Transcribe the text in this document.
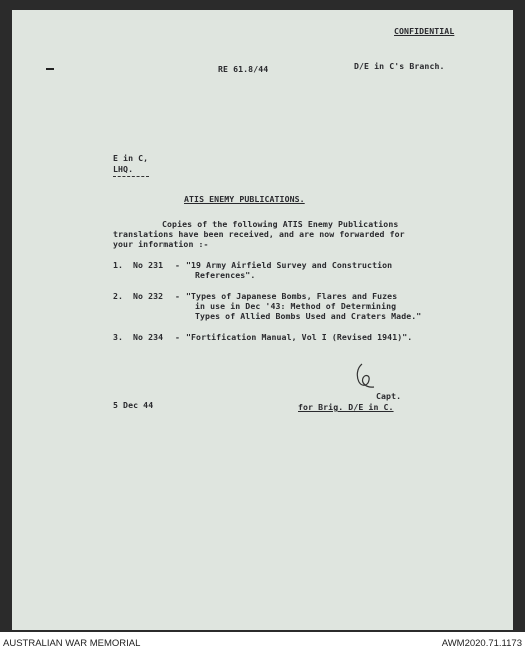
CONFIDENTIAL
RE 61.8/44	D/E in C's Branch.
E in C,
LHQ.
ATIS ENEMY PUBLICATIONS.
Copies of the following ATIS Enemy Publications
translations have been received, and are now forwarded for
your information :-
1. No 231 - "19 Army Airfield Survey and Construction
References".
2. No 232 - "Types of Japanese Bombs, Flares and Fuzes
in use in Dec '43: Method of Determining
Types of Allied Bombs Used and Craters Made."
3. No 234 - "Fortification Manual, Vol I (Revised 1941)".
5 Dec 44
Capt.
for Brig. D/E in C.
AUSTRALIAN WAR MEMORIAL	AWM2020.71.1173
